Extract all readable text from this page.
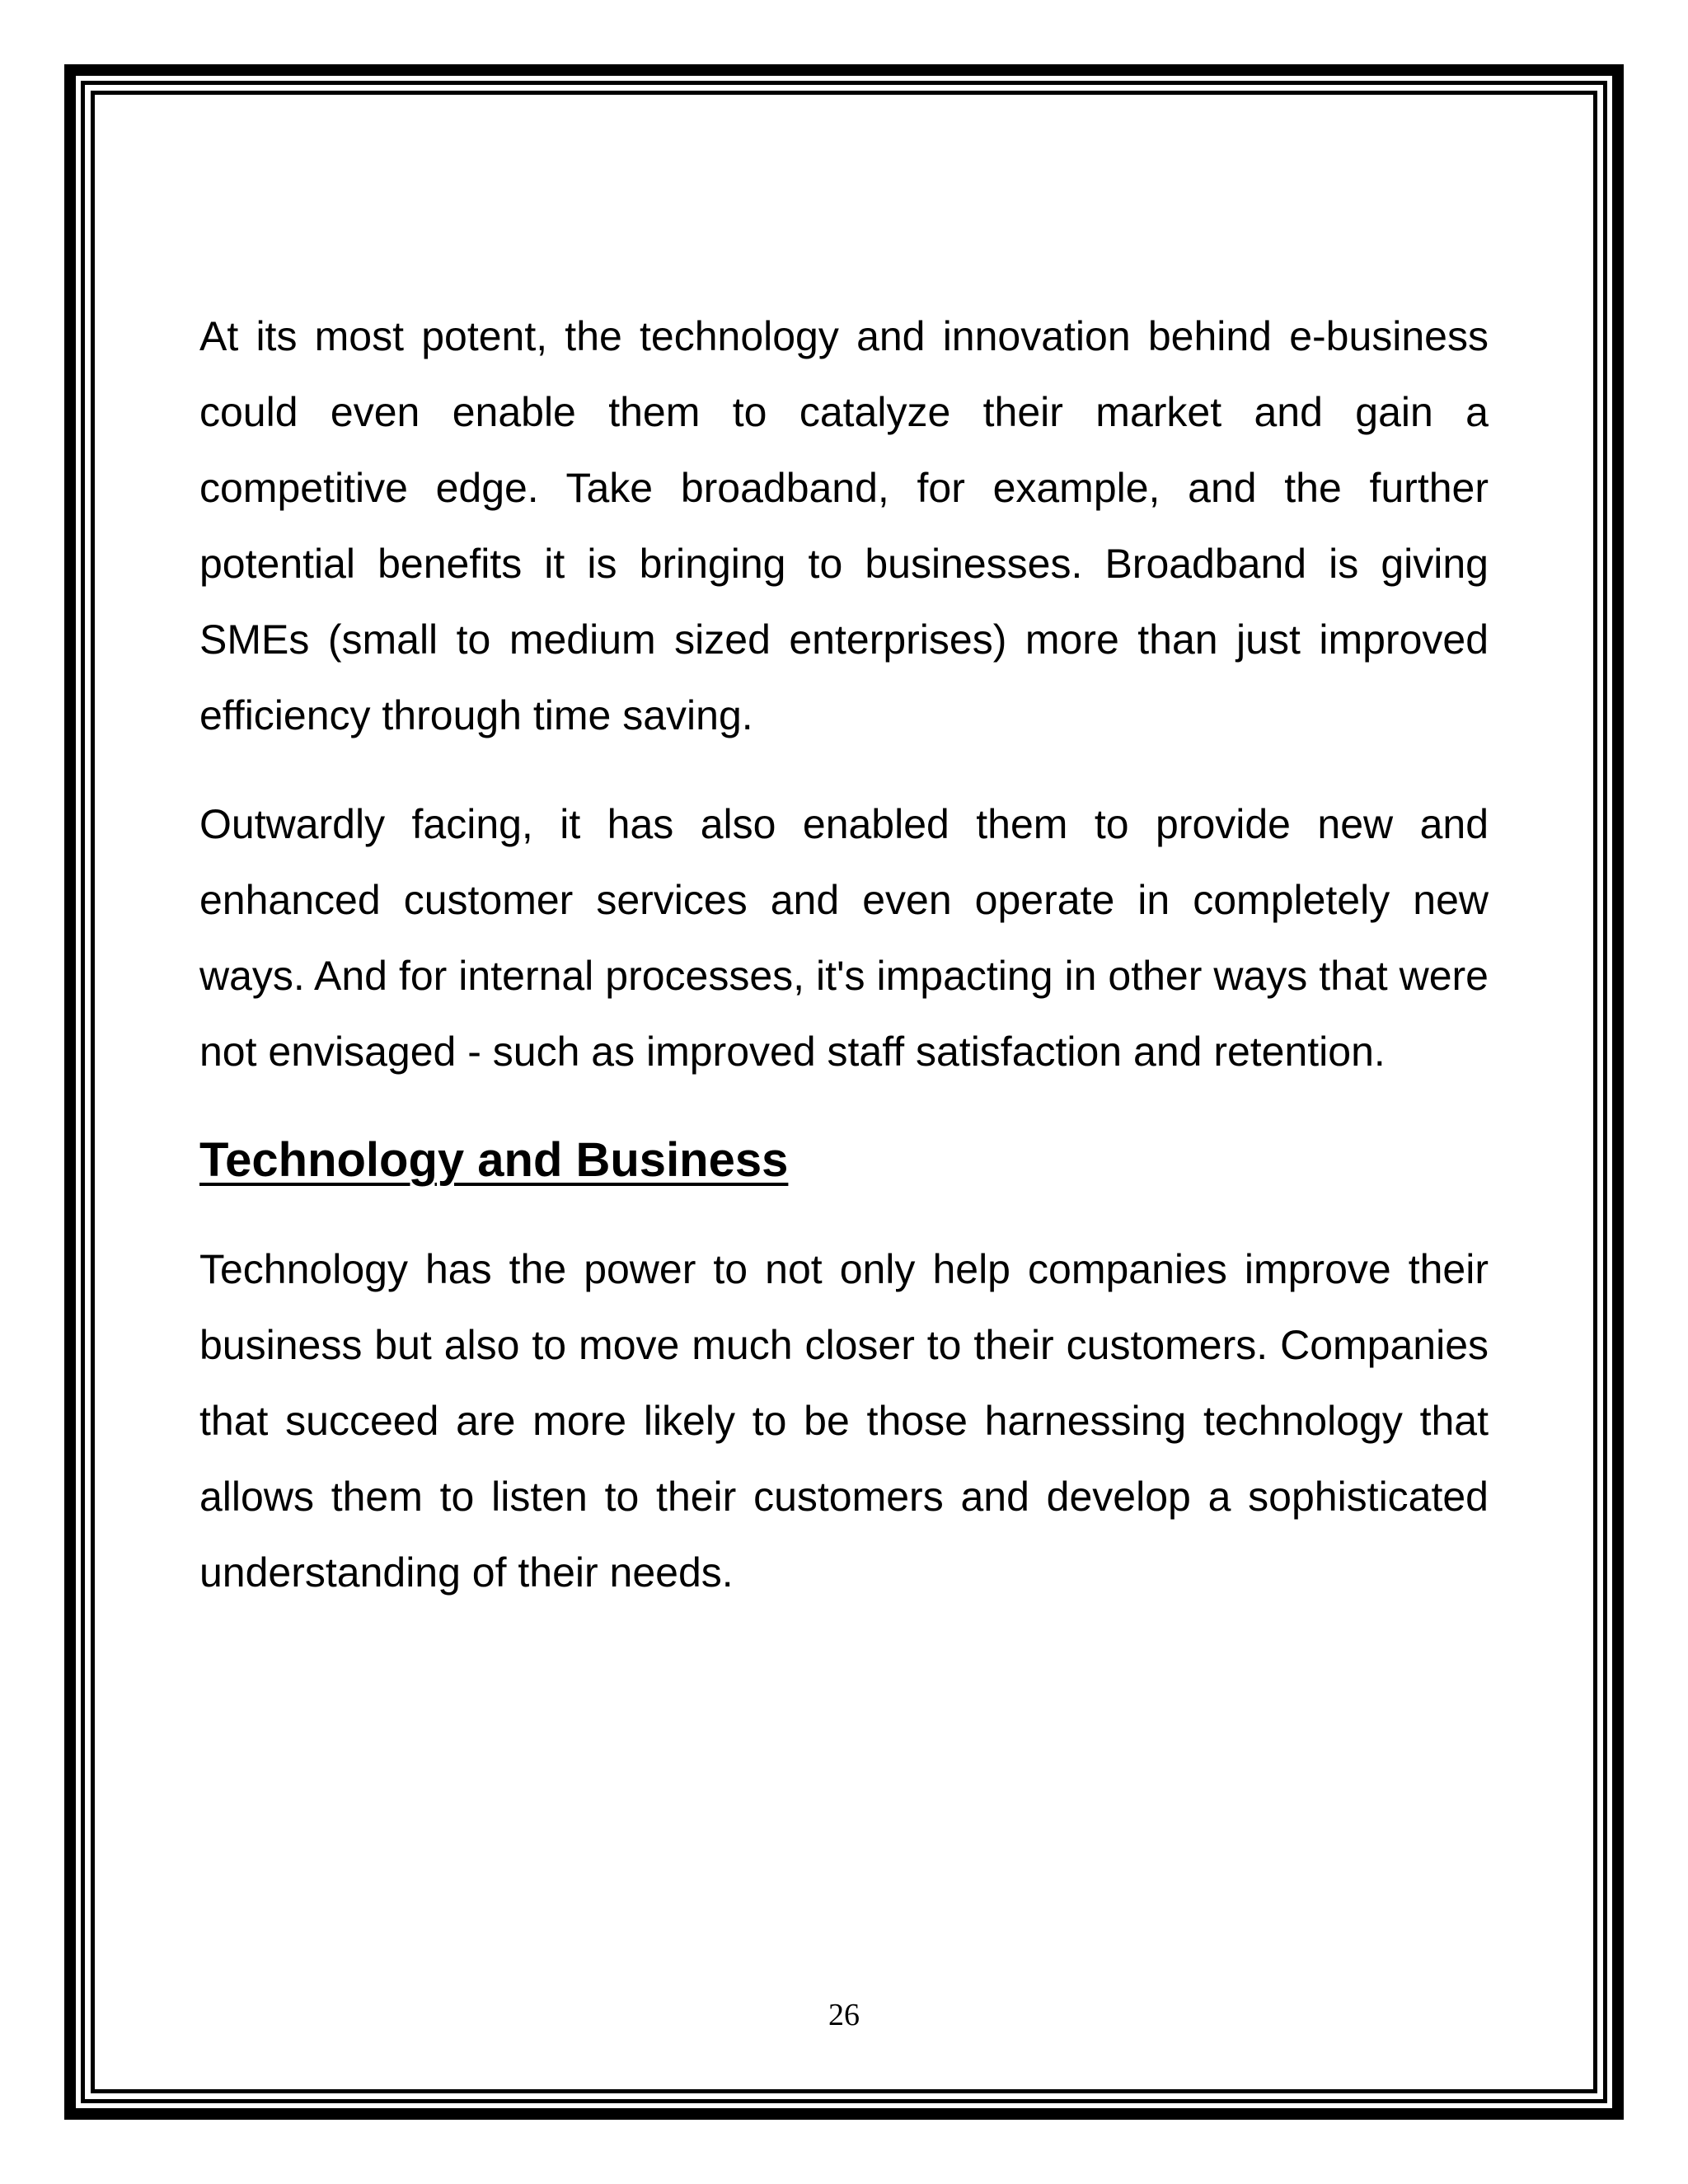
At its most potent, the technology and innovation behind e-business could even enable them to catalyze their market and gain a competitive edge. Take broadband, for example, and the further potential benefits it is bringing to businesses. Broadband is giving SMEs (small to medium sized enterprises) more than just improved efficiency through time saving.

Outwardly facing, it has also enabled them to provide new and enhanced customer services and even operate in completely new ways. And for internal processes, it's impacting in other ways that were not envisaged - such as improved staff satisfaction and retention.

Technology and Business

Technology has the power to not only help companies improve their business but also to move much closer to their customers. Companies that succeed are more likely to be those harnessing technology that allows them to listen to their customers and develop a sophisticated understanding of their needs.

26
